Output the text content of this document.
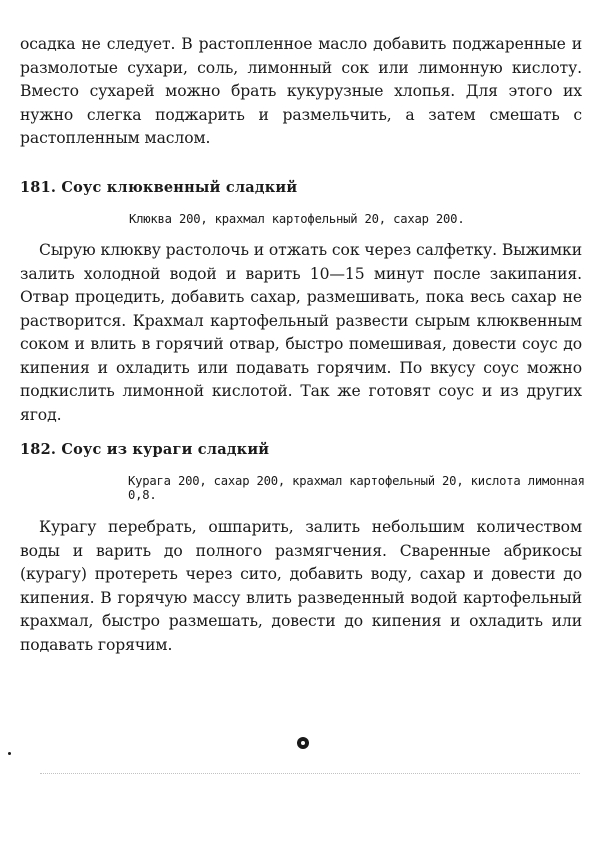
осадка не следует. В растопленное масло добавить поджаренные и размолотые сухари, соль, лимонный сок или лимонную кислоту. Вместо сухарей можно брать кукурузные хлопья. Для этого их нужно слегка поджарить и размельчить, а затем смешать с растопленным маслом.

181. Соус клюквенный сладкий
Клюква 200, крахмал картофельный 20, сахар 200.

Сырую клюкву растолочь и отжать сок через салфетку. Выжимки залить холодной водой и варить 10—15 минут после закипания. Отвар процедить, добавить сахар, размешивать, пока весь сахар не растворится. Крахмал картофельный развести сырым клюквенным соком и влить в горячий отвар, быстро помешивая, довести соус до кипения и охладить или подавать горячим. По вкусу соус можно подкислить лимонной кислотой. Так же готовят соус и из других ягод.

182. Соус из кураги сладкий
Курага 200, сахар 200, крахмал картофельный 20, кислота лимонная 0,8.

Курагу перебрать, ошпарить, залить небольшим количеством воды и варить до полного размягчения. Сваренные абрикосы (курагу) протереть через сито, добавить воду, сахар и довести до кипения. В горячую массу влить разведенный водой картофельный крахмал, быстро размешать, довести до кипения и охладить или подавать горячим.
